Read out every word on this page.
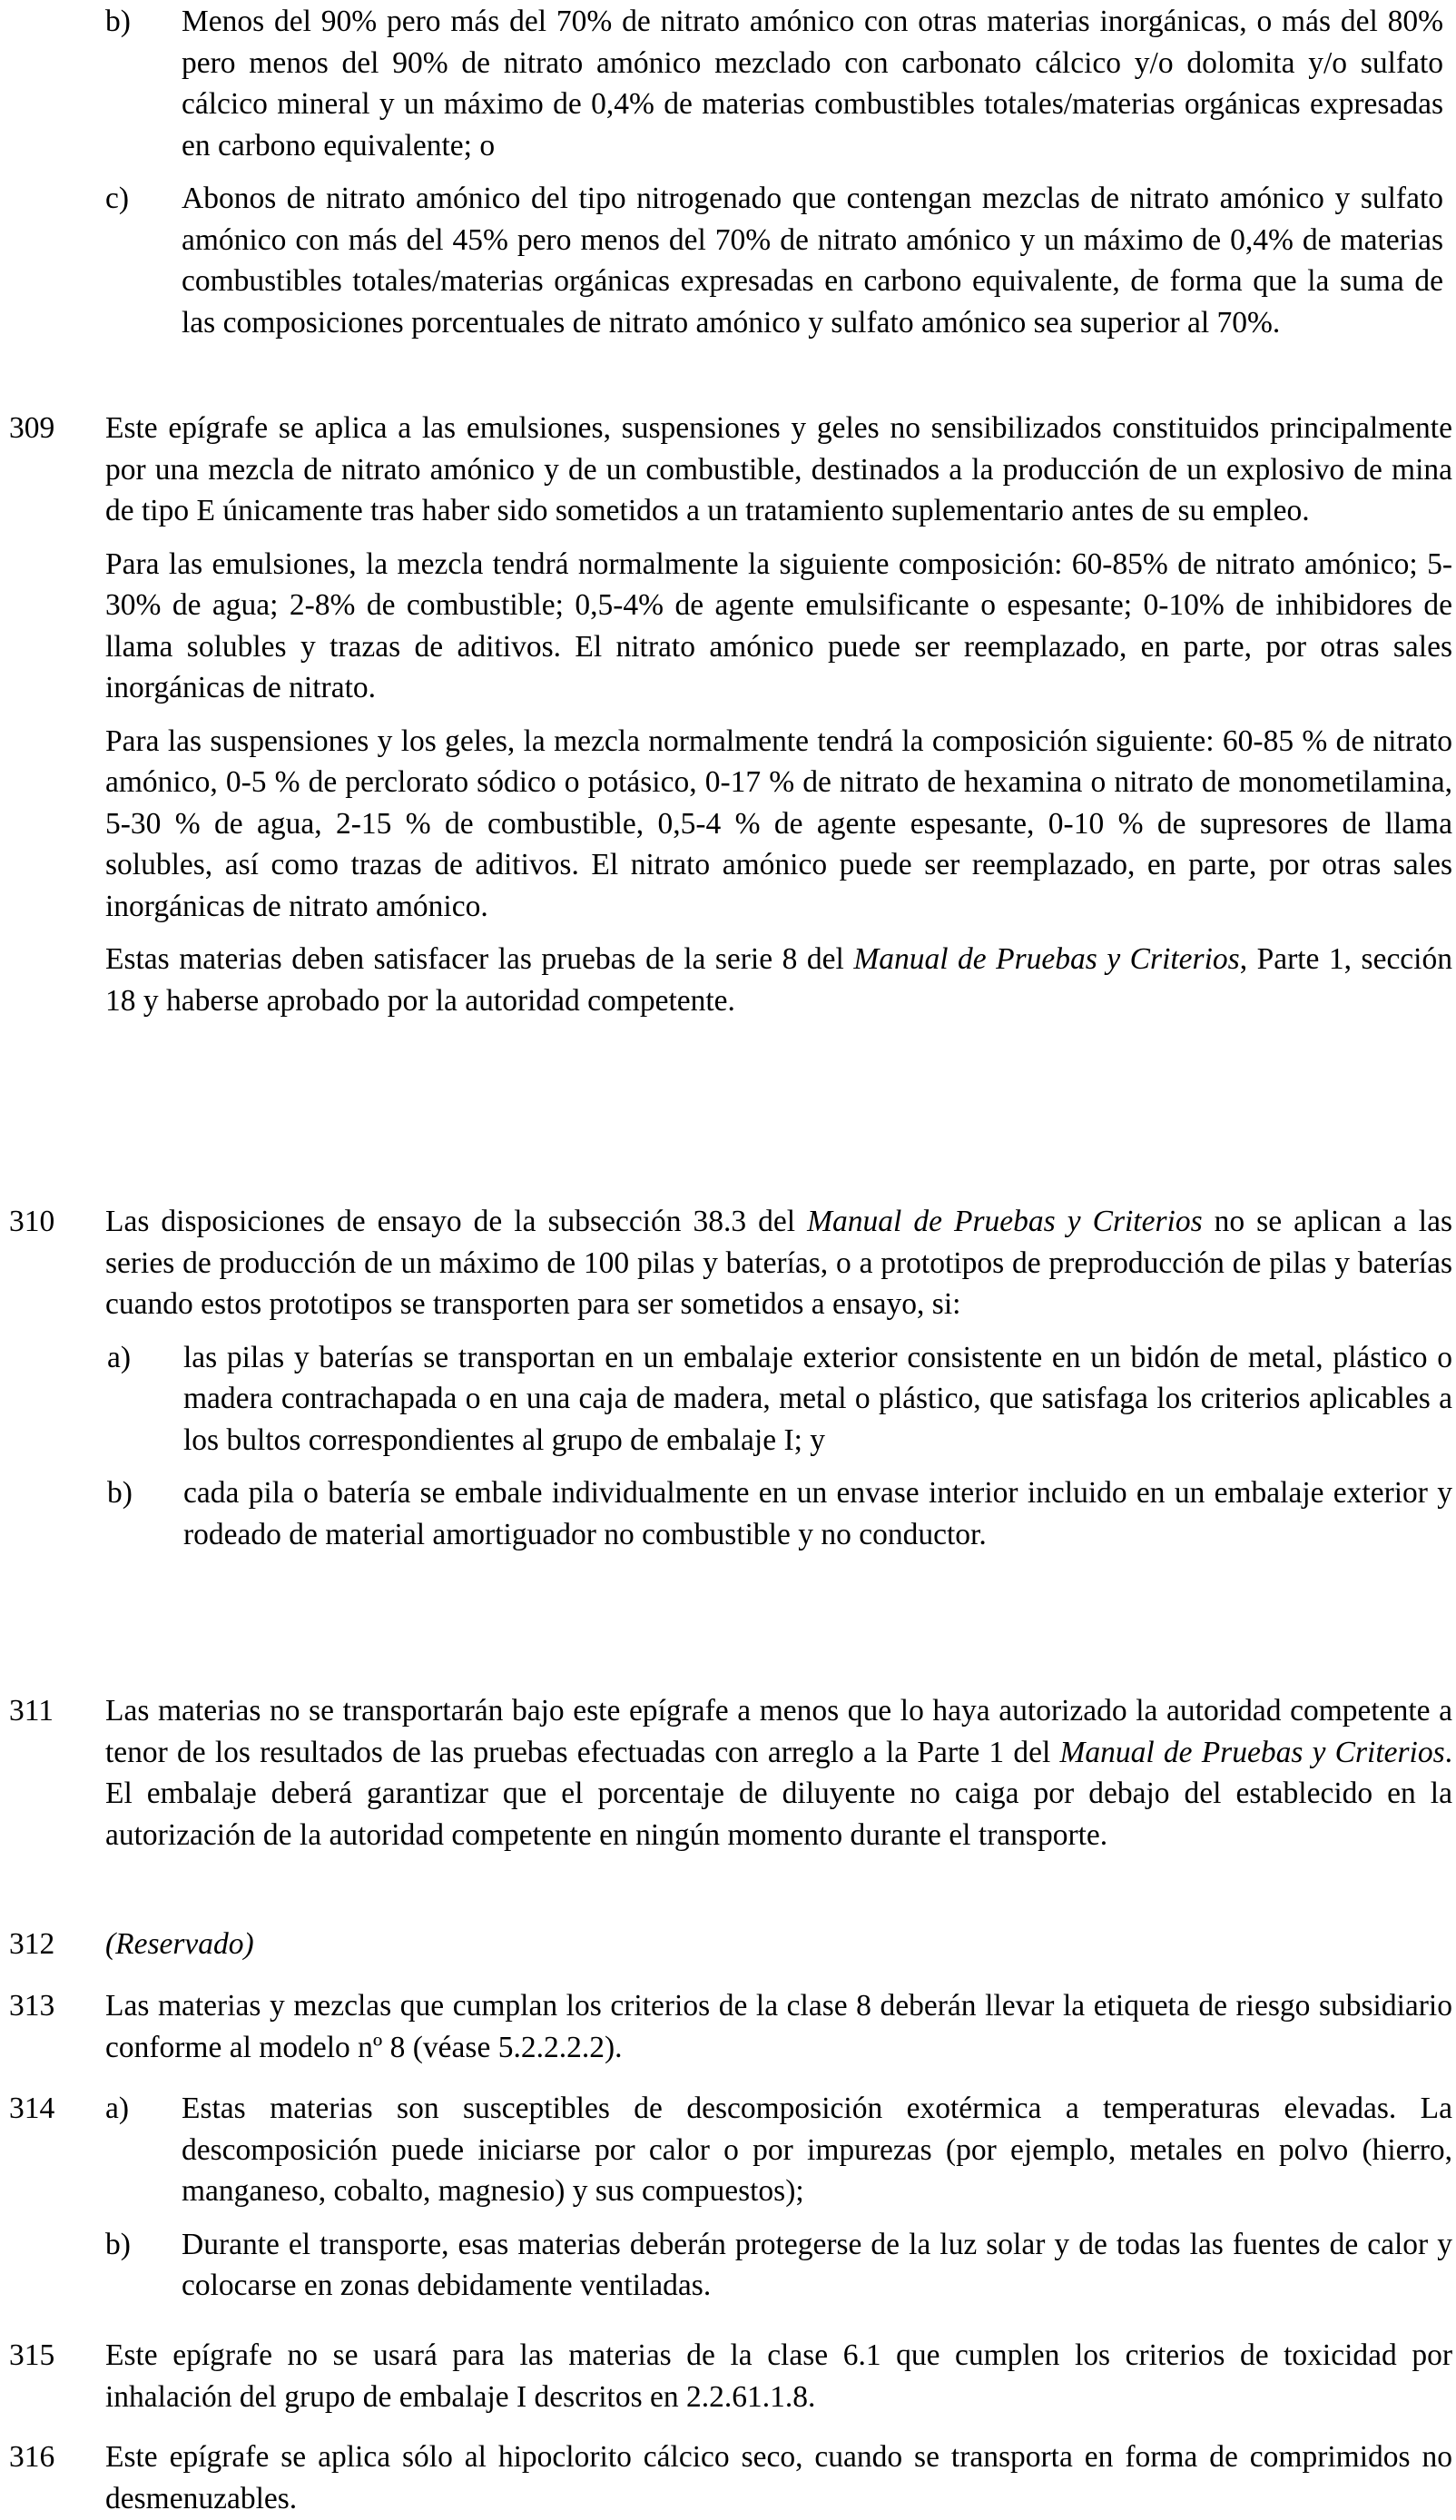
b)	Menos del 90% pero más del 70% de nitrato amónico con otras materias inorgánicas, o más del 80% pero menos del 90% de nitrato amónico mezclado con carbonato cálcico y/o dolomita y/o sulfato cálcico mineral y un máximo de 0,4% de materias combustibles totales/materias orgánicas expresadas en carbono equivalente; o
c)	Abonos de nitrato amónico del tipo nitrogenado que contengan mezclas de nitrato amónico y sulfato amónico con más del 45% pero menos del 70% de nitrato amónico y un máximo de 0,4% de materias combustibles totales/materias orgánicas expresadas en carbono equivalente, de forma que la suma de las composiciones porcentuales de nitrato amónico y sulfato amónico sea superior al 70%.
309	Este epígrafe se aplica a las emulsiones, suspensiones y geles no sensibilizados constituidos principalmente por una mezcla de nitrato amónico y de un combustible, destinados a la producción de un explosivo de mina de tipo E únicamente tras haber sido sometidos a un tratamiento suplementario antes de su empleo.

Para las emulsiones, la mezcla tendrá normalmente la siguiente composición: 60-85% de nitrato amónico; 5-30% de agua; 2-8% de combustible; 0,5-4% de agente emulsificante o espesante; 0-10% de inhibidores de llama solubles y trazas de aditivos. El nitrato amónico puede ser reemplazado, en parte, por otras sales inorgánicas de nitrato.

Para las suspensiones y los geles, la mezcla normalmente tendrá la composición siguiente: 60-85 % de nitrato amónico, 0-5 % de perclorato sódico o potásico, 0-17 % de nitrato de hexamina o nitrato de monometilamina, 5-30 % de agua, 2-15 % de combustible, 0,5-4 % de agente espesante, 0-10 % de supresores de llama solubles, así como trazas de aditivos. El nitrato amónico puede ser reemplazado, en parte, por otras sales inorgánicas de nitrato amónico.

Estas materias deben satisfacer las pruebas de la serie 8 del Manual de Pruebas y Criterios, Parte 1, sección 18 y haberse aprobado por la autoridad competente.

310	Las disposiciones de ensayo de la subsección 38.3 del Manual de Pruebas y Criterios no se aplican a las series de producción de un máximo de 100 pilas y baterías, o a prototipos de preproducción de pilas y baterías cuando estos prototipos se transporten para ser sometidos a ensayo, si:

a)	las pilas y baterías se transportan en un embalaje exterior consistente en un bidón de metal, plástico o madera contrachapada o en una caja de madera, metal o plástico, que satisfaga los criterios aplicables a los bultos correspondientes al grupo de embalaje I; y
b)	cada pila o batería se embale individualmente en un envase interior incluido en un embalaje exterior y rodeado de material amortiguador no combustible y no conductor.
311	Las materias no se transportarán bajo este epígrafe a menos que lo haya autorizado la autoridad competente a tenor de los resultados de las pruebas efectuadas con arreglo a la Parte 1 del Manual de Pruebas y Criterios. El embalaje deberá garantizar que el porcentaje de diluyente no caiga por debajo del establecido en la autorización de la autoridad competente en ningún momento durante el transporte.

312	(Reservado)

313	Las materias y mezclas que cumplan los criterios de la clase 8 deberán llevar la etiqueta de riesgo subsidiario conforme al modelo nº 8 (véase 5.2.2.2.2).

314	a)	Estas materias son susceptibles de descomposición exotérmica a temperaturas elevadas. La descomposición puede iniciarse por calor o por impurezas (por ejemplo, metales en polvo (hierro, manganeso, cobalto, magnesio) y sus compuestos);
b)	Durante el transporte, esas materias deberán protegerse de la luz solar y de todas las fuentes de calor y colocarse en zonas debidamente ventiladas.
315	Este epígrafe no se usará para las materias de la clase 6.1 que cumplen los criterios de toxicidad por inhalación del grupo de embalaje I descritos en 2.2.61.1.8.

316	Este epígrafe se aplica sólo al hipoclorito cálcico seco, cuando se transporta en forma de comprimidos no desmenuzables.
